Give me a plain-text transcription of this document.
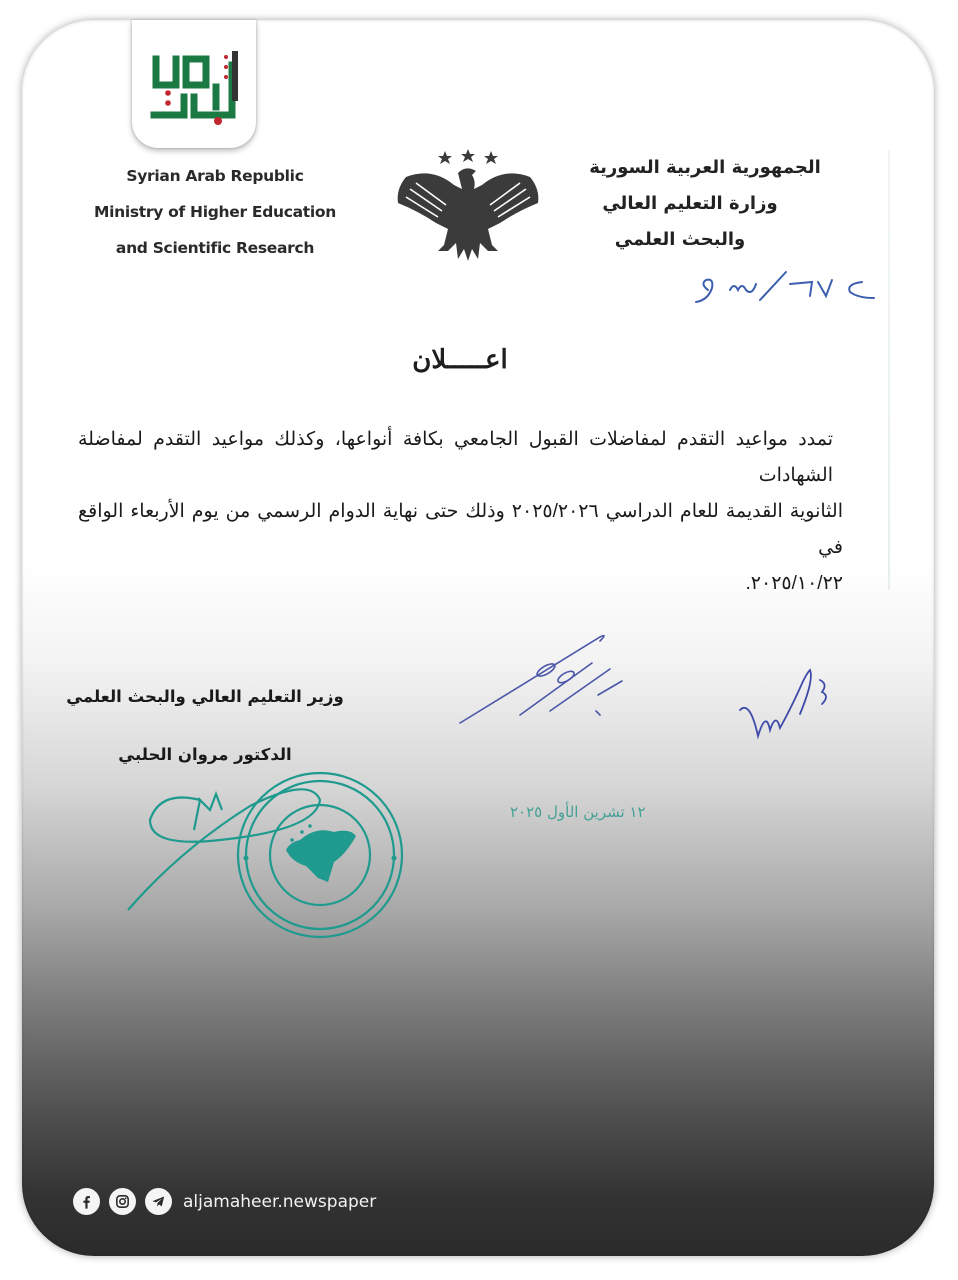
Syrian Arab Republic
Ministry of Higher Education
and Scientific Research
الجمهورية العربية السورية
وزارة التعليم العالي
والبحث العلمي
اعـــــلان
تمدد مواعيد التقدم لمفاضلات القبول الجامعي بكافة أنواعها، وكذلك مواعيد التقدم لمفاضلة الشهادات
الثانوية القديمة للعام الدراسي ٢٠٢٥/٢٠٢٦ وذلك حتى نهاية الدوام الرسمي من يوم الأربعاء الواقع في
٢٠٢٥/١٠/٢٢.
وزير التعليم العالي والبحث العلمي
الدكتور مروان الحلبي
١٢ تشرين الأول ٢٠٢٥
aljamaheer.newspaper
